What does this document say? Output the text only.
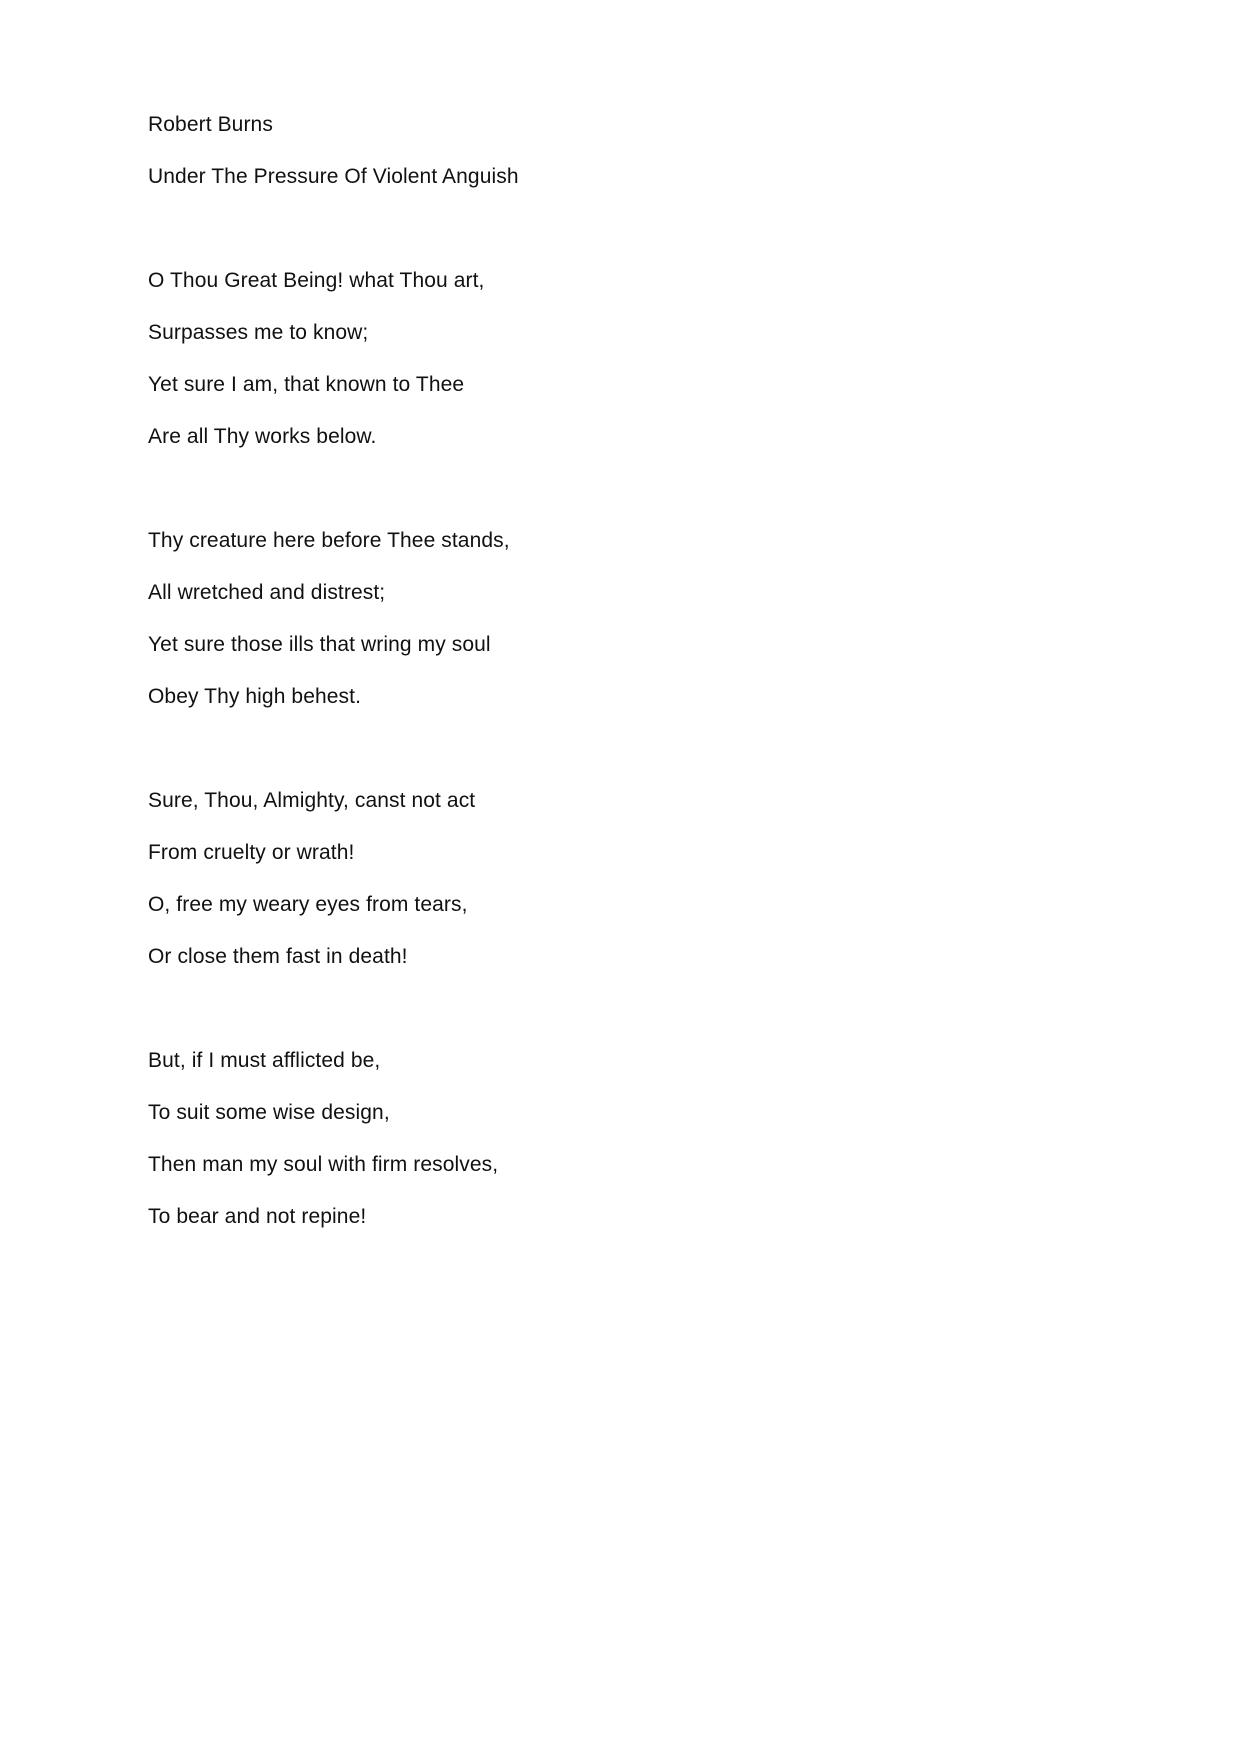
Robert Burns
Under The Pressure Of Violent Anguish
O Thou Great Being! what Thou art,
Surpasses me to know;
Yet sure I am, that known to Thee
Are all Thy works below.
Thy creature here before Thee stands,
All wretched and distrest;
Yet sure those ills that wring my soul
Obey Thy high behest.
Sure, Thou, Almighty, canst not act
From cruelty or wrath!
O, free my weary eyes from tears,
Or close them fast in death!
But, if I must afflicted be,
To suit some wise design,
Then man my soul with firm resolves,
To bear and not repine!
